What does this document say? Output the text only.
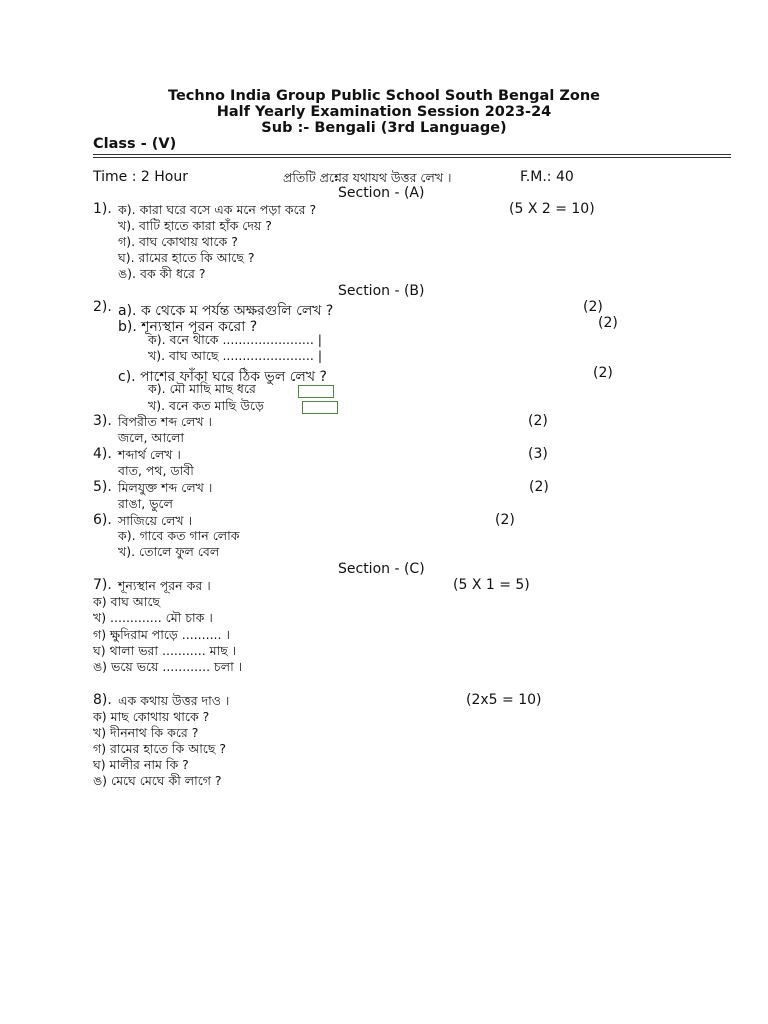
Techno India Group Public School South Bengal Zone
Half Yearly Examination Session 2023-24
Sub :- Bengali (3rd Language)
Class - (V)
Time : 2 Hour	প্রতিটি প্রশ্নের যথাযথ উত্তর লেখ ।	F.M.: 40
Section - (A)
1).	(5 X 2 = 10)
ক). কারা ঘরে বসে এক মনে পড়া করে ?
খ). বাটি হাতে কারা হাঁক দেয় ?
গ). বাঘ কোথায় থাকে ?
ঘ). রামের হাতে কি আছে ?
ঙ). বক কী ধরে ?
Section - (B)
2). a). ক থেকে ম পর্যন্ত অক্ষরগুলি লেখ ?	(2)
b). শূন্যস্থান পূরন করো ?	(2)
ক). বনে থাকে ....................... |
খ). বাঘ আছে ....................... |
c). পাশের ফাঁকা ঘরে ঠিক ভুল লেখ ?	(2)
ক). মৌ মাছি মাছ ধরে
খ). বনে কত মাছি উড়ে
3). বিপরীত শব্দ লেখ ।	(2)
জলে, আলো
4). শব্দার্থ লেখ ।	(3)
বাত, পথ, ডাবী
5). মিলযুক্ত শব্দ লেখ ।	(2)
রাঙা, ভুলে
6). সাজিয়ে লেখ ।	(2)
ক). গাবে কত গান লোক
খ). তোলে ফুল বেল
Section - (C)
7). শূন্যস্থান পূরন কর ।	(5 X 1 = 5)
ক) বাঘ আছে
খ) ............. মৌ চাক ।
গ) ক্ষুদিরাম পাড়ে .......... ।
ঘ) থালা ভরা ........... মাছ ।
ঙ) ভয়ে ভয়ে ............ চলা ।
8). এক কথায় উত্তর দাও ।	(2x5 = 10)
ক) মাছ কোথায় থাকে ?
খ) দীননাথ কি করে ?
গ) রামের হাতে কি আছে ?
ঘ) মালীর নাম কি ?
ঙ) মেঘে মেঘে কী লাগে ?
